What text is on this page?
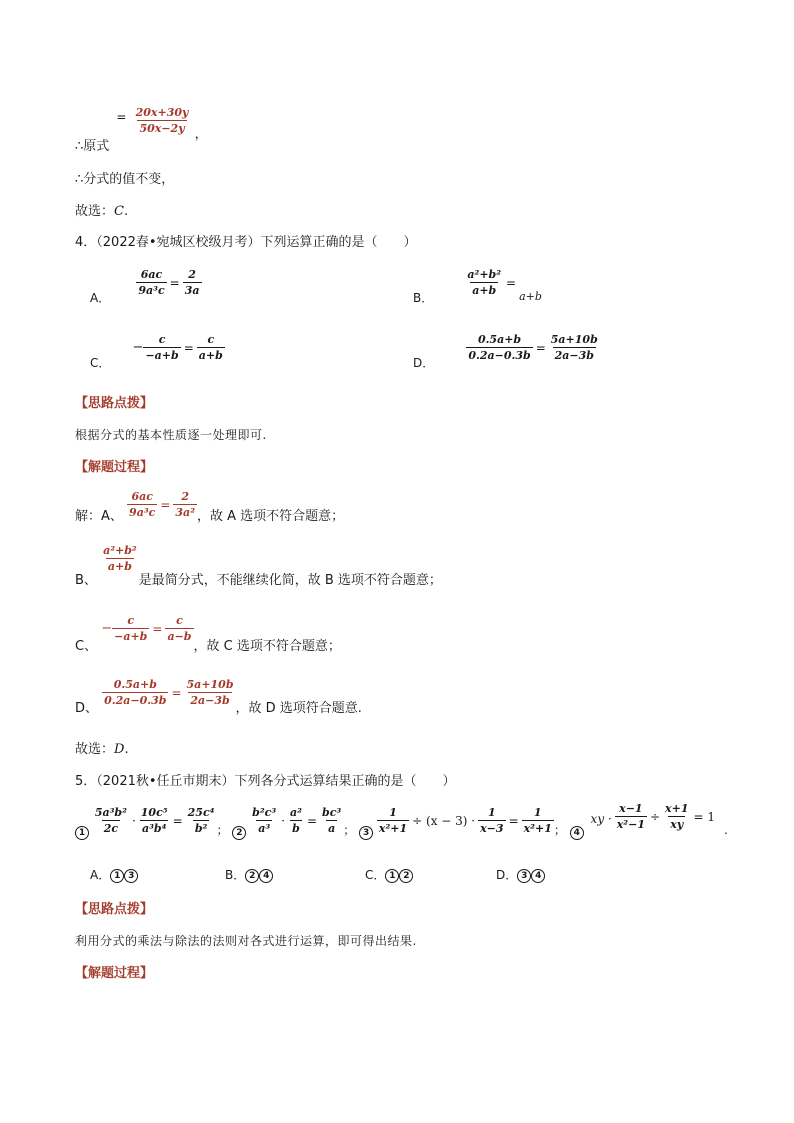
∴原式 = $\frac{20x+30y}{50x-2y}$ ，
∴分式的值不变，
故选：C.
4．（2022春•宛城区校级月考）下列运算正确的是（　　）
A．
$\frac{6ac}{\text{9a³c}} = \frac{2}{3a}$
B．
$\frac{\text{a²+b²}}{a+b} =_{a+b}$
C． − $\frac{c}{-a+b} = \frac{c}{a+b}$
D．
$\frac{0.5a+b}{0.2a-0.3b} = \frac{5a+10b}{2a-3b}$
【思路点拨】
根据分式的基本性质逐一处理即可.
【解题过程】
解：A、 $\frac{6ac}{\text{9a³c}} = \frac{2}{\text{3a²}}$ ，故 A 选项不符合题意；
B、
$\frac{\text{a²+b²}}{a+b}$
是最简分式，不能继续化简，故 B 选项不符合题意；
C、 − $\frac{c}{-a+b} = \frac{c}{a-b}$
，故 C 选项不符合题意；
D、
$\frac{0.5a+b}{0.2a-0.3b} = \frac{5a+10b}{2a-3b}$
，故 D 选项符合题意.
故选：D.
5．（2021秋•任丘市期末）下列各分式运算结果正确的是（　　）
$1 \frac{\text{5a³b²}}{2c} \cdot \frac{\text{10c⁵}}{\text{a³b⁴}} = \frac{\text{25c⁴}}{\text{b²}}$ ； $2 \frac{\text{b²c³}}{\text{a³}} \cdot \frac{\text{a²}}{b} = \frac{\text{bc³}}{a}$ ； $3 \frac{1}{\text{x²+1}} \div (x - 3) \cdot \frac{1}{x-3} = \frac{1}{\text{x²+1}}$ ； 4 xy · $\frac{x-1}{\text{x²−1}} \div \frac{x+1}{xy} = 1$.
A． 1 3	B． 2 4	C． 1 2	D． 3 4
【思路点拨】
利用分式的乘法与除法的法则对各式进行运算，即可得出结果.
【解题过程】
